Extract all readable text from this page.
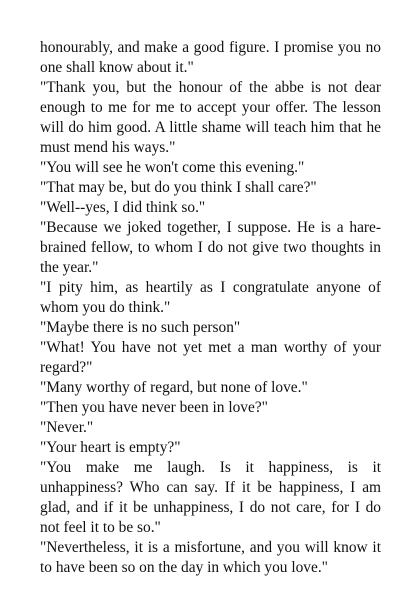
honourably, and make a good figure. I promise you no one shall know about it."

"Thank you, but the honour of the abbe is not dear enough to me for me to accept your offer. The lesson will do him good. A little shame will teach him that he must mend his ways."

"You will see he won't come this evening."

"That may be, but do you think I shall care?"

"Well--yes, I did think so."

"Because we joked together, I suppose. He is a hare-brained fellow, to whom I do not give two thoughts in the year."

"I pity him, as heartily as I congratulate anyone of whom you do think."

"Maybe there is no such person"

"What! You have not yet met a man worthy of your regard?"

"Many worthy of regard, but none of love."

"Then you have never been in love?"

"Never."

"Your heart is empty?"

"You make me laugh. Is it happiness, is it unhappiness? Who can say. If it be happiness, I am glad, and if it be unhappiness, I do not care, for I do not feel it to be so."

"Nevertheless, it is a misfortune, and you will know it to have been so on the day in which you love."
